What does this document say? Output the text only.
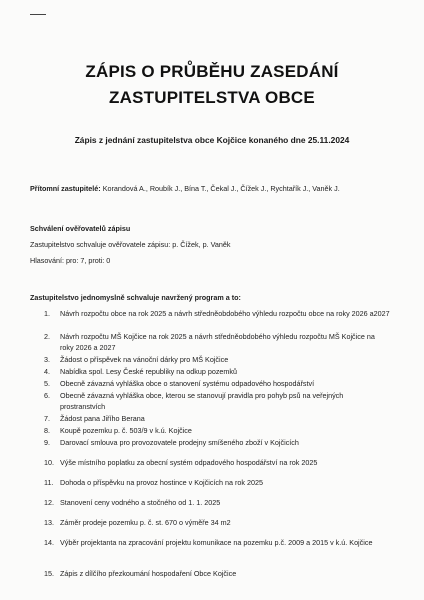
ZÁPIS O PRŮBĚHU ZASEDÁNÍ
ZASTUPITELSTVA OBCE
Zápis z jednání zastupitelstva obce Kojčice konaného dne 25.11.2024
Přítomní zastupitelé: Korandová A., Roubík J., Bína T., Čekal J., Čížek J., Rychtařík J., Vaněk J.
Schválení ověřovatelů zápisu
Zastupitelstvo schvaluje ověřovatele zápisu: p. Čížek, p. Vaněk
Hlasování: pro: 7, proti: 0
Zastupitelstvo jednomyslně schvaluje navržený program a to:
1.	Návrh rozpočtu obce na rok 2025 a návrh středněobdobého výhledu rozpočtu obce na roky 2026 a2027
2.	Návrh rozpočtu MŠ Kojčice na rok 2025 a návrh středněobdobého výhledu rozpočtu MŠ Kojčice na roky 2026 a 2027
3.	Žádost o příspěvek na vánoční dárky pro MŠ Kojčice
4.	Nabídka spol. Lesy České republiky na odkup pozemků
5.	Obecně závazná vyhláška obce o stanovení systému odpadového hospodářství
6.	Obecně závazná vyhláška obce, kterou se stanovují pravidla pro pohyb psů na veřejných prostranstvích
7.	Žádost pana Jiřího Berana
8.	Koupě pozemku p. č. 503/9 v k.ú. Kojčice
9.	Darovací smlouva pro provozovatele prodejny smíšeného zboží v Kojčicích
10. Výše místního poplatku za obecní systém odpadového hospodářství na rok 2025
11. Dohoda o příspěvku na provoz hostince v Kojčicích na rok 2025
12. Stanovení ceny vodného a stočného od 1. 1. 2025
13. Záměr prodeje pozemku p. č. st. 670 o výměře 34 m2
14. Výběr projektanta na zpracování projektu komunikace na pozemku p.č. 2009 a 2015 v k.ú. Kojčice
15. Zápis z dílčího přezkoumání hospodaření Obce Kojčice
